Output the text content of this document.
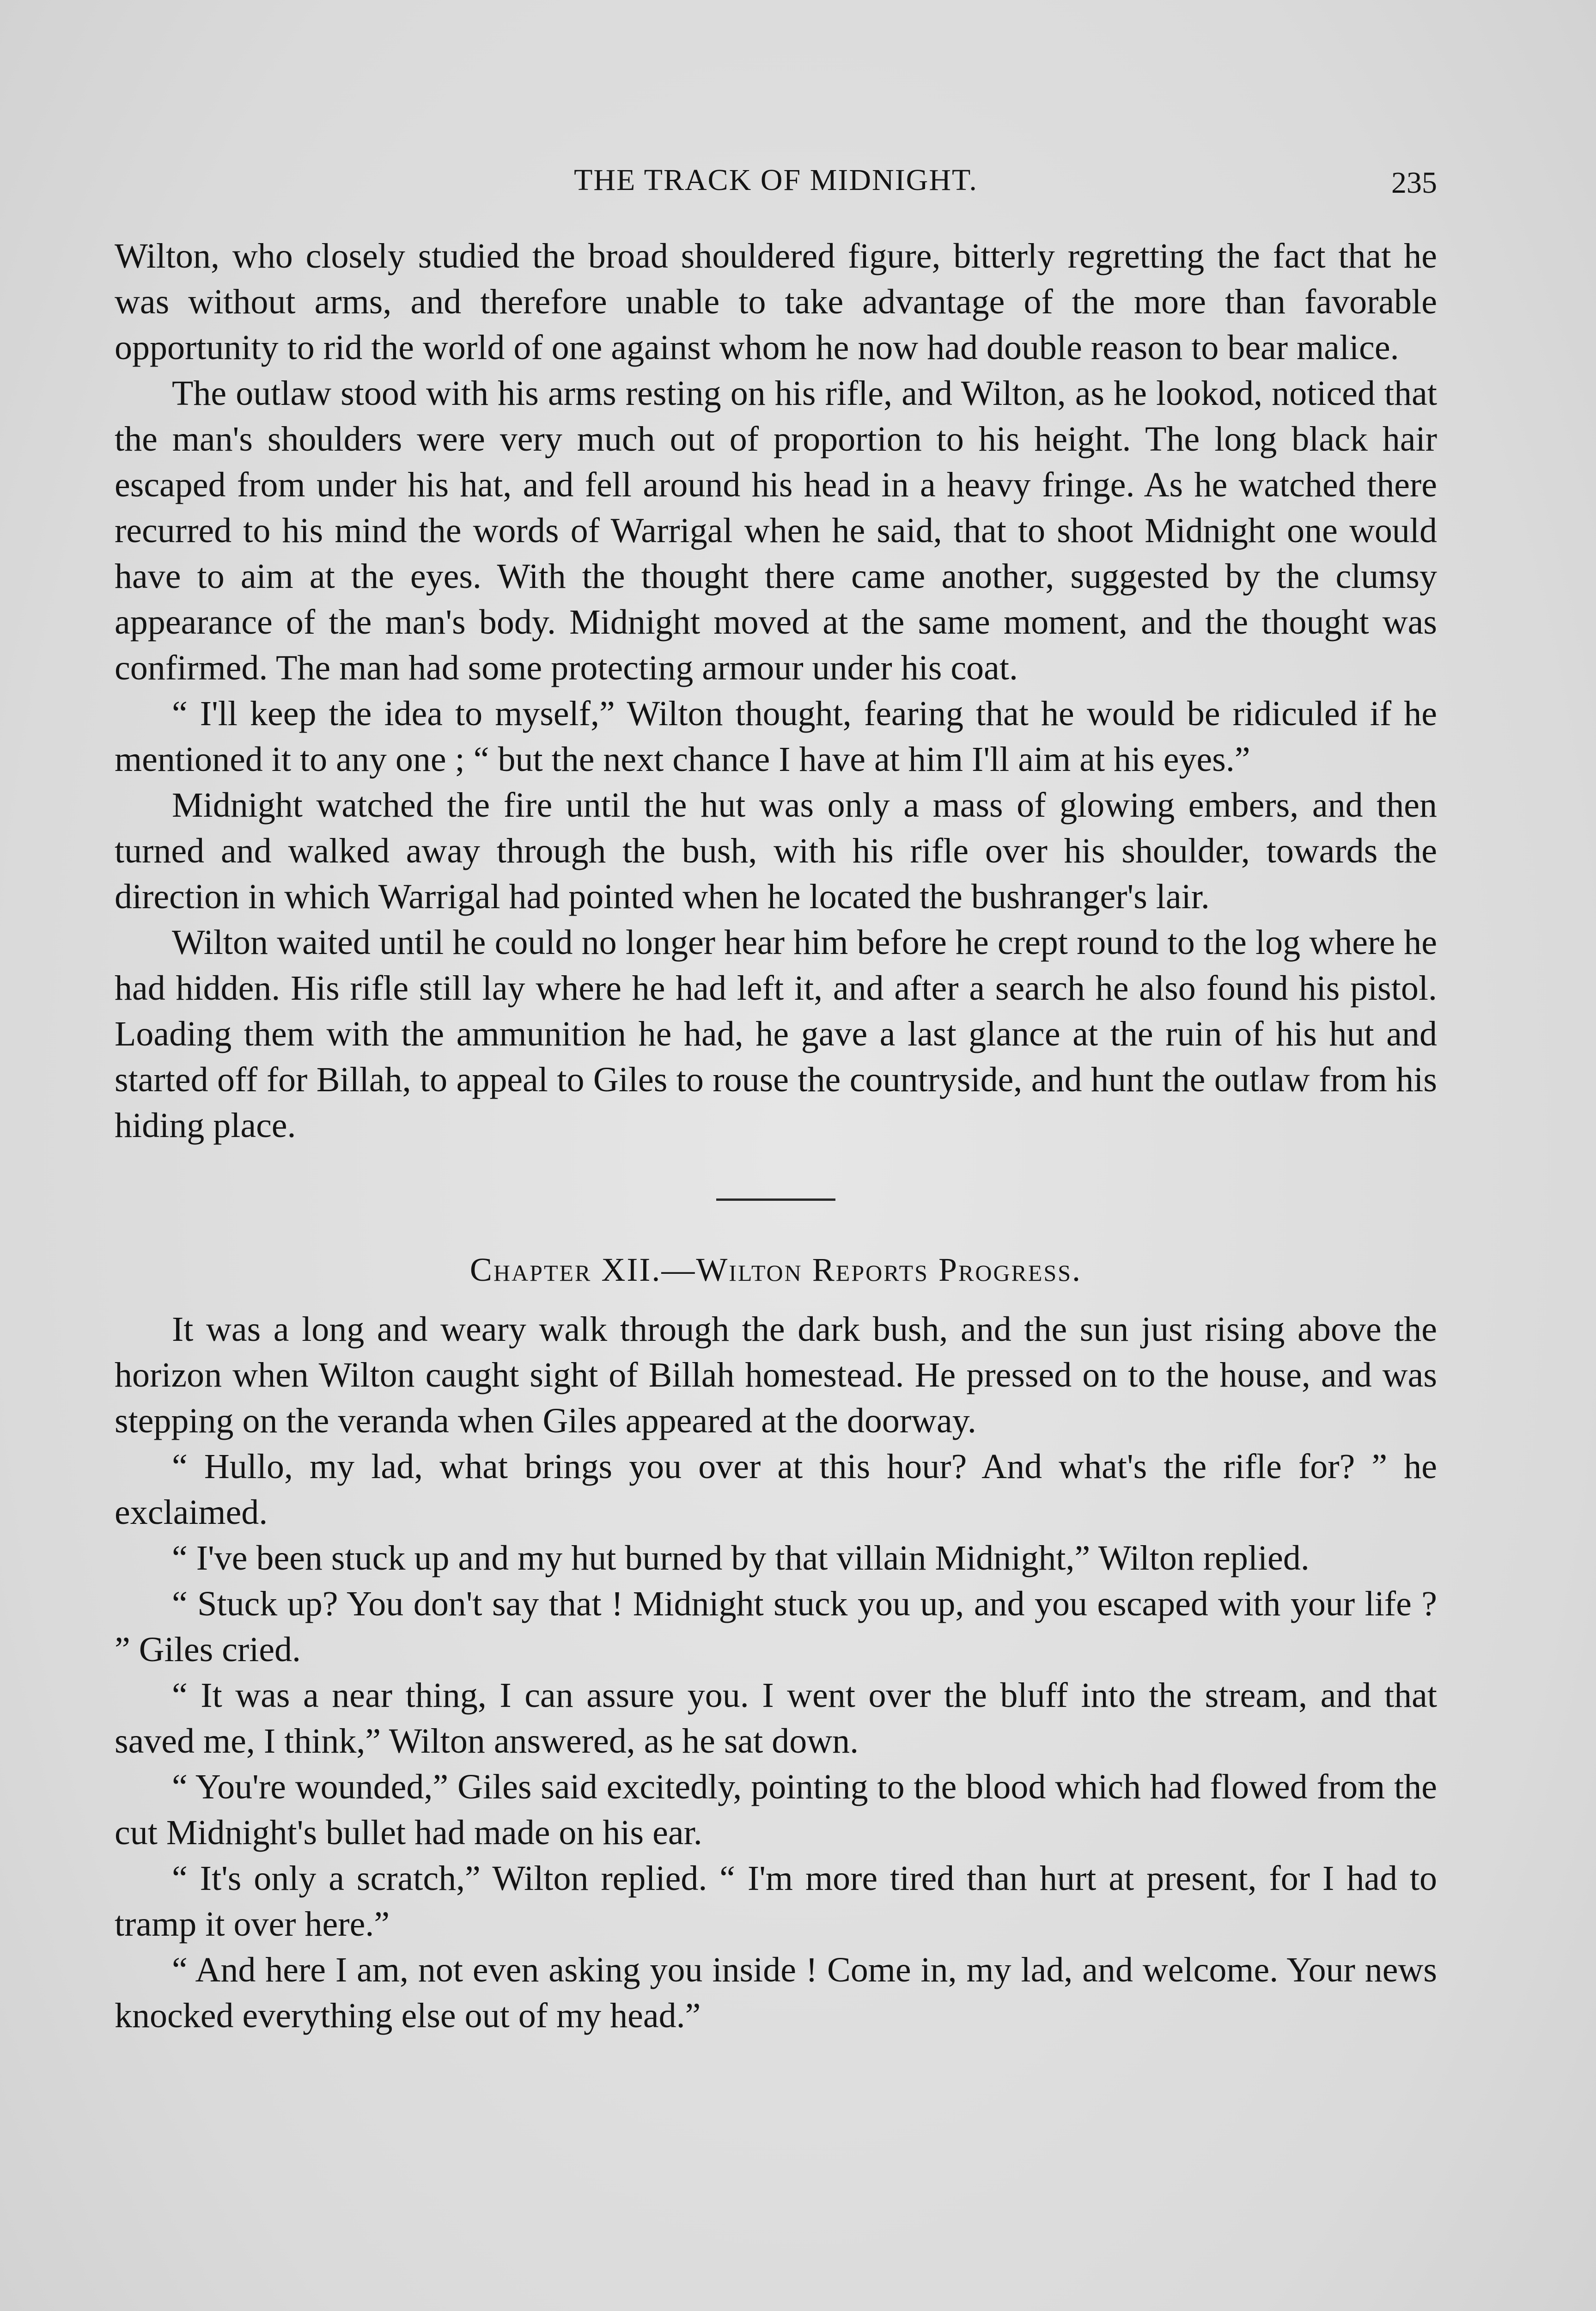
THE TRACK OF MIDNIGHT.	235

Wilton, who closely studied the broad shouldered figure, bitterly regretting the fact that he was without arms, and therefore unable to take advantage of the more than favorable opportunity to rid the world of one against whom he now had double reason to bear malice.

The outlaw stood with his arms resting on his rifle, and Wilton, as he lookod, noticed that the man's shoulders were very much out of proportion to his height. The long black hair escaped from under his hat, and fell around his head in a heavy fringe. As he watched there recurred to his mind the words of Warrigal when he said, that to shoot Midnight one would have to aim at the eyes. With the thought there came another, suggested by the clumsy appearance of the man's body. Midnight moved at the same moment, and the thought was confirmed. The man had some protecting armour under his coat.

“ I'll keep the idea to myself,” Wilton thought, fearing that he would be ridiculed if he mentioned it to any one ; “ but the next chance I have at him I'll aim at his eyes.”

Midnight watched the fire until the hut was only a mass of glowing embers, and then turned and walked away through the bush, with his rifle over his shoulder, towards the direction in which Warrigal had pointed when he located the bushranger's lair.

Wilton waited until he could no longer hear him before he crept round to the log where he had hidden. His rifle still lay where he had left it, and after a search he also found his pistol. Loading them with the ammunition he had, he gave a last glance at the ruin of his hut and started off for Billah, to appeal to Giles to rouse the countryside, and hunt the outlaw from his hiding place.

Chapter XII.—Wilton Reports Progress.

It was a long and weary walk through the dark bush, and the sun just rising above the horizon when Wilton caught sight of Billah homestead. He pressed on to the house, and was stepping on the veranda when Giles appeared at the doorway.

“ Hullo, my lad, what brings you over at this hour? And what's the rifle for? ” he exclaimed.

“ I've been stuck up and my hut burned by that villain Midnight,” Wilton replied.

“ Stuck up? You don't say that ! Midnight stuck you up, and you escaped with your life ? ” Giles cried.

“ It was a near thing, I can assure you. I went over the bluff into the stream, and that saved me, I think,” Wilton answered, as he sat down.

“ You're wounded,” Giles said excitedly, pointing to the blood which had flowed from the cut Midnight's bullet had made on his ear.

“ It's only a scratch,” Wilton replied. “ I'm more tired than hurt at present, for I had to tramp it over here.”

“ And here I am, not even asking you inside ! Come in, my lad, and welcome. Your news knocked everything else out of my head.”
